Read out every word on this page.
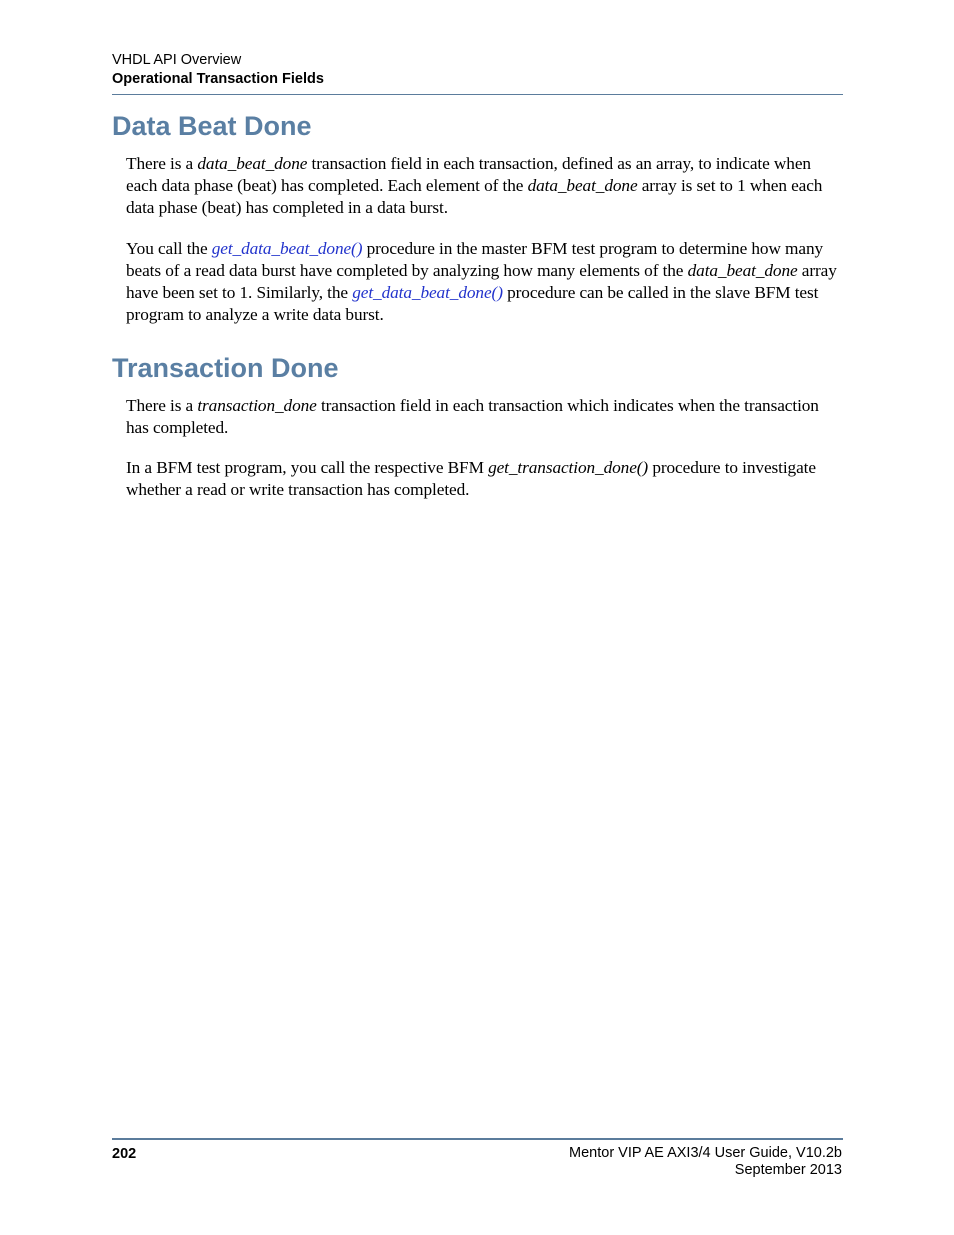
VHDL API Overview
Operational Transaction Fields
Data Beat Done

There is a data_beat_done transaction field in each transaction, defined as an array, to indicate when each data phase (beat) has completed. Each element of the data_beat_done array is set to 1 when each data phase (beat) has completed in a data burst.

You call the get_data_beat_done() procedure in the master BFM test program to determine how many beats of a read data burst have completed by analyzing how many elements of the data_beat_done array have been set to 1. Similarly, the get_data_beat_done() procedure can be called in the slave BFM test program to analyze a write data burst.

Transaction Done

There is a transaction_done transaction field in each transaction which indicates when the transaction has completed.

In a BFM test program, you call the respective BFM get_transaction_done() procedure to investigate whether a read or write transaction has completed.

202	Mentor VIP AE AXI3/4 User Guide, V10.2b
September 2013
